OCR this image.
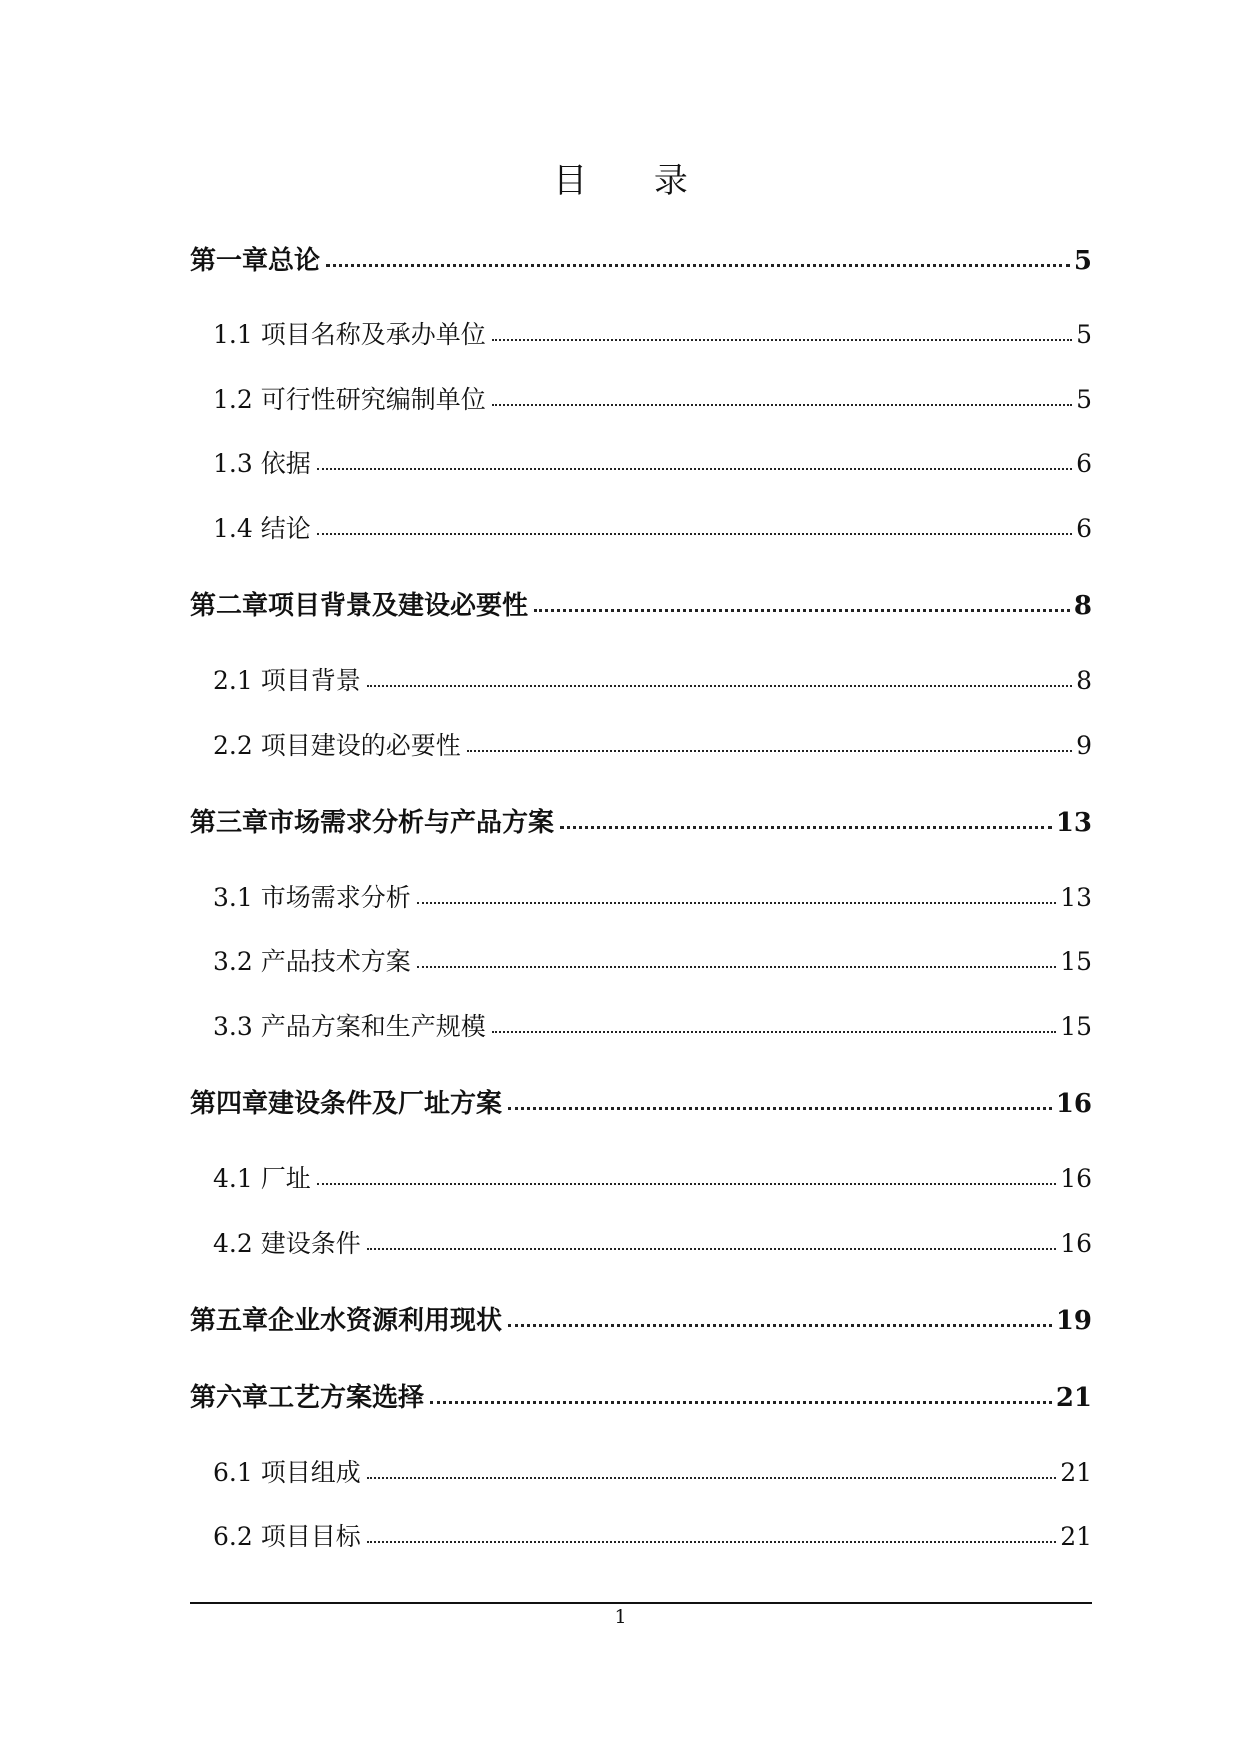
目 录
第一章总论	5
1.1 项目名称及承办单位	5
1.2 可行性研究编制单位	5
1.3 依据	6
1.4 结论	6
第二章项目背景及建设必要性	8
2.1 项目背景	8
2.2 项目建设的必要性	9
第三章市场需求分析与产品方案	13
3.1 市场需求分析	13
3.2 产品技术方案	15
3.3 产品方案和生产规模	15
第四章建设条件及厂址方案	16
4.1 厂址	16
4.2 建设条件	16
第五章企业水资源利用现状	19
第六章工艺方案选择	21
6.1 项目组成	21
6.2 项目目标	21
1
